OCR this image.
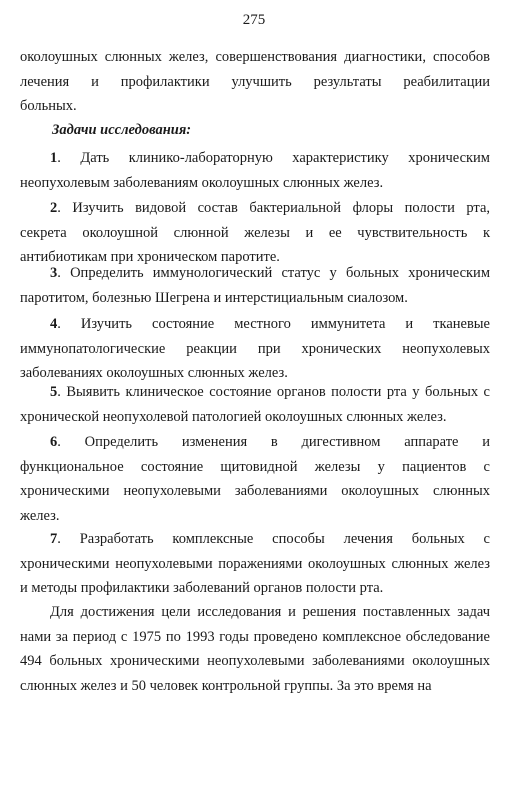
275
околоушных слюнных желез, совершенствования диагностики, способов
лечения и профилактики улучшить результаты реабилитации
больных.
Задачи исследования:
1. Дать клинико-лабораторную характеристику хроническим
неопухолевым заболеваниям околоушных слюнных желез.
2. Изучить видовой состав бактериальной флоры полости рта,
секрета околоушной слюнной железы и ее чувствительность к
антибиотикам при хроническом паротите.
3. Определить иммунологический статус у больных хроническим
паротитом, болезнью Шегрена и интерстициальным сиалозом.
4. Изучить состояние местного иммунитета и тканевые
иммунопатологические реакции при хронических неопухолевых
заболеваниях околоушных слюнных желез.
5. Выявить клиническое состояние органов полости рта у больных с
хронической неопухолевой патологией околоушных слюнных желез.
6. Определить изменения в дигестивном аппарате и
функциональное состояние щитовидной железы у пациентов с
хроническими неопухолевыми заболеваниями околоушных слюнных
желез.
7. Разработать комплексные способы лечения больных с
хроническими неопухолевыми поражениями околоушных слюнных желез
и методы профилактики заболеваний органов полости рта.
Для достижения цели исследования и решения поставленных задач
нами за период с 1975 по 1993 годы проведено комплексное обследование
494 больных хроническими неопухолевыми заболеваниями околоушных
слюнных желез и 50 человек контрольной группы. За это время на
